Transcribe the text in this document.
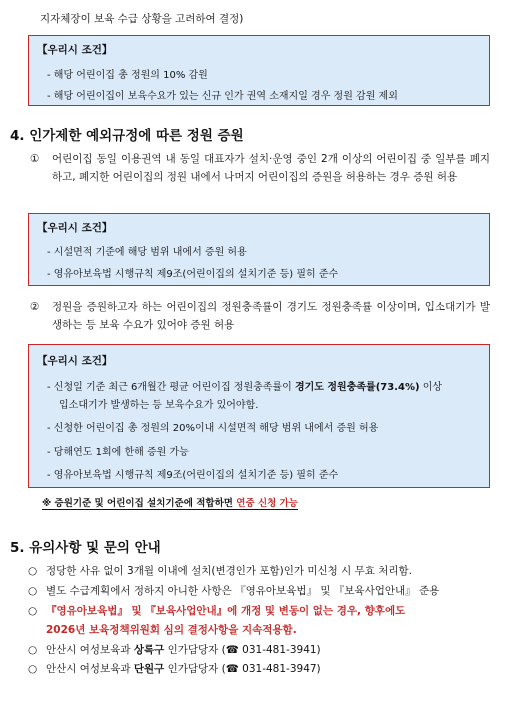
지자체장이 보육 수급 상황을 고려하여 결정)
【우리시 조건】
- 해당 어린이집 총 정원의 10% 감원
- 해당 어린이집이 보육수요가 있는 신규 인가 권역 소재지일 경우 정원 감원 제외
4. 인가제한 예외규정에 따른 정원 증원
① 어린이집 동일 이용권역 내 동일 대표자가 설치·운영 중인 2개 이상의 어린이집 중 일부를 폐지하고, 폐지한 어린이집의 정원 내에서 나머지 어린이집의 증원을 허용하는 경우 증원 허용
【우리시 조건】
- 시설면적 기준에 해당 범위 내에서 증원 허용
- 영유아보육법 시행규칙 제9조(어린이집의 설치기준 등) 필히 준수
② 정원을 증원하고자 하는 어린이집의 정원충족률이 경기도 정원충족률 이상이며, 입소대기가 발생하는 등 보육 수요가 있어야 증원 허용
【우리시 조건】
- 신청일 기준 최근 6개월간 평균 어린이집 정원충족률이 경기도 정원충족률(73.4%) 이상
입소대기가 발생하는 등 보육수요가 있어야함.
- 신청한 어린이집 총 정원의 20%이내 시설면적 해당 범위 내에서 증원 허용
- 당해연도 1회에 한해 증원 가능
- 영유아보육법 시행규칙 제9조(어린이집의 설치기준 등) 필히 준수
※ 증원기준 및 어린이집 설치기준에 적합하면 연중 신청 가능
5. 유의사항 및 문의 안내
○ 정당한 사유 없이 3개월 이내에 설치(변경인가 포함)인가 미신청 시 무효 처리함.
○ 별도 수급계획에서 정하지 아니한 사항은 『영유아보육법』 및 『보육사업안내』 준용
○ 『영유아보육법』 및 『보육사업안내』에 개정 및 변동이 없는 경우, 향후에도
2026년 보육정책위원회 심의 결정사항을 지속적용함.
○ 안산시 여성보육과 상록구 인가담당자 (☎ 031-481-3941)
○ 안산시 여성보육과 단원구 인가담당자 (☎ 031-481-3947)
